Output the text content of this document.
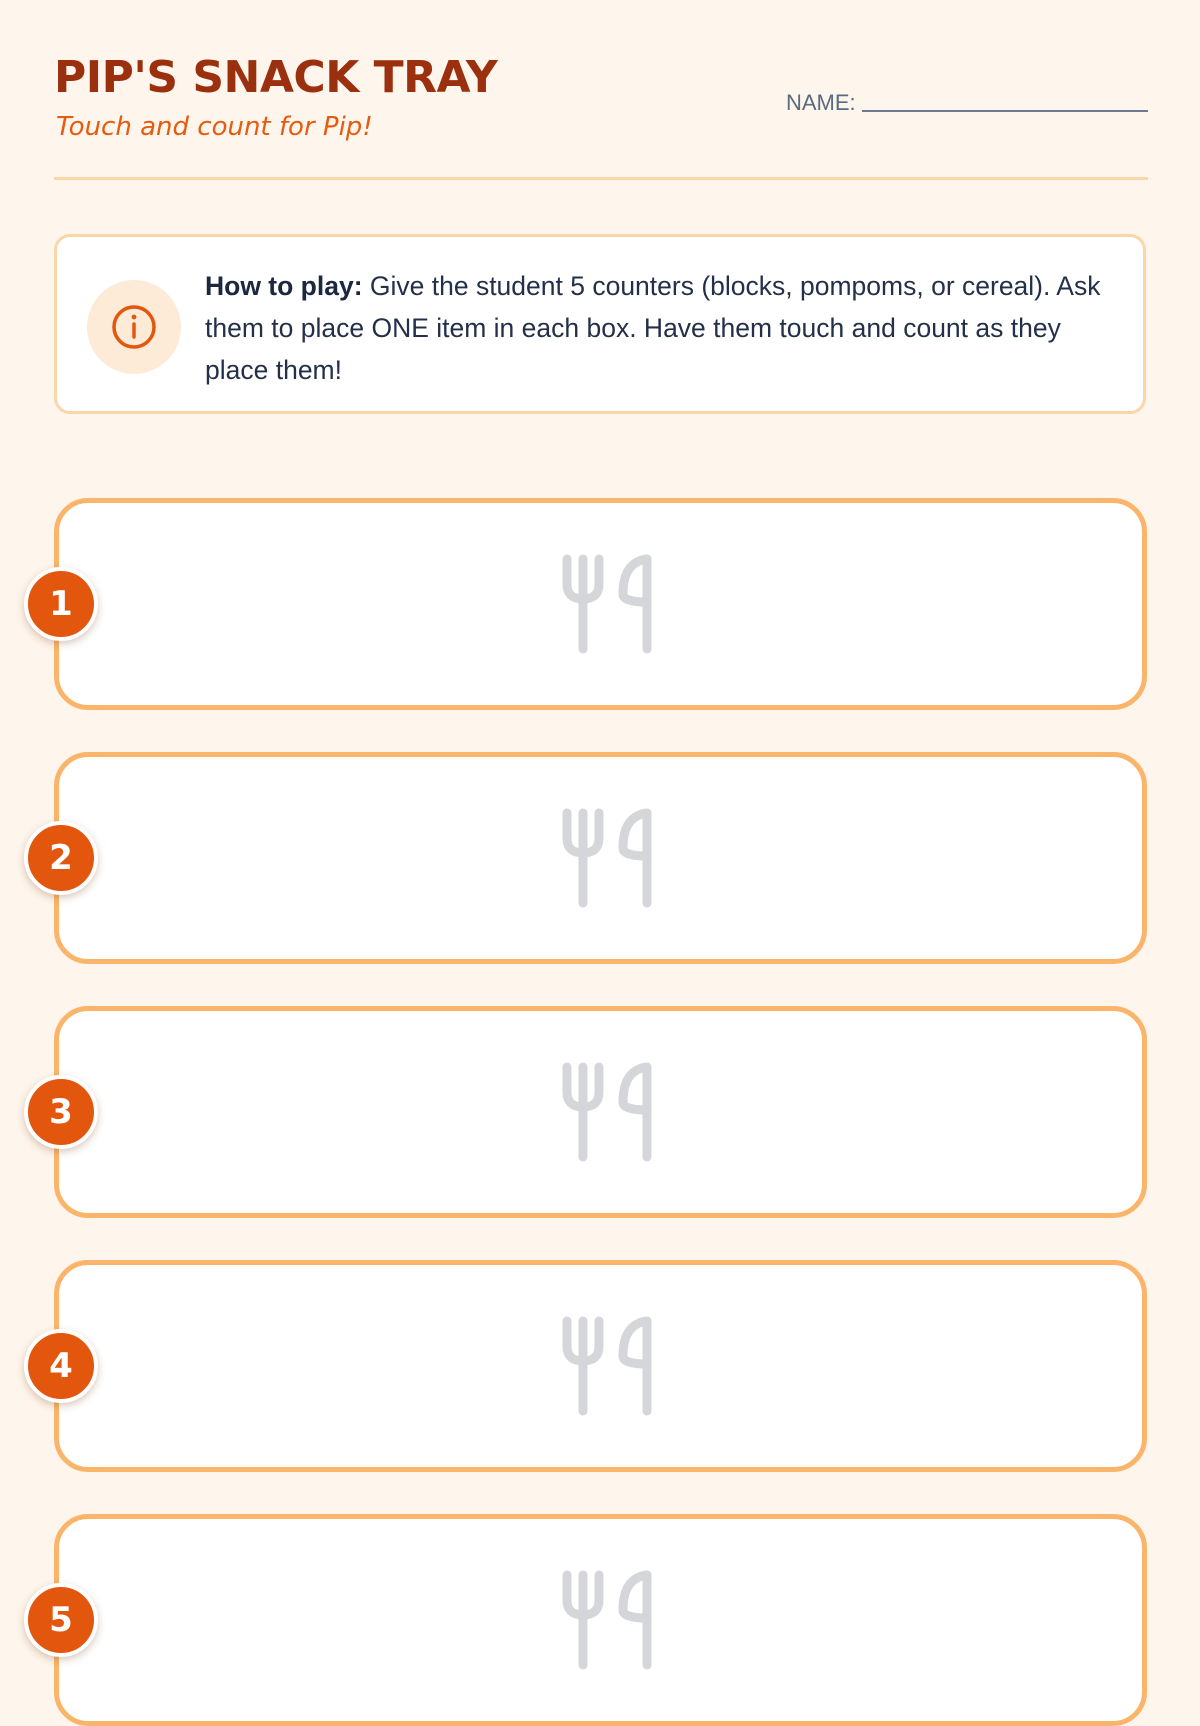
PIP'S SNACK TRAY
Touch and count for Pip!
NAME:

How to play: Give the student 5 counters (blocks, pompoms, or cereal). Ask them to place ONE item in each box. Have them touch and count as they place them!

1
2
3
4
5
